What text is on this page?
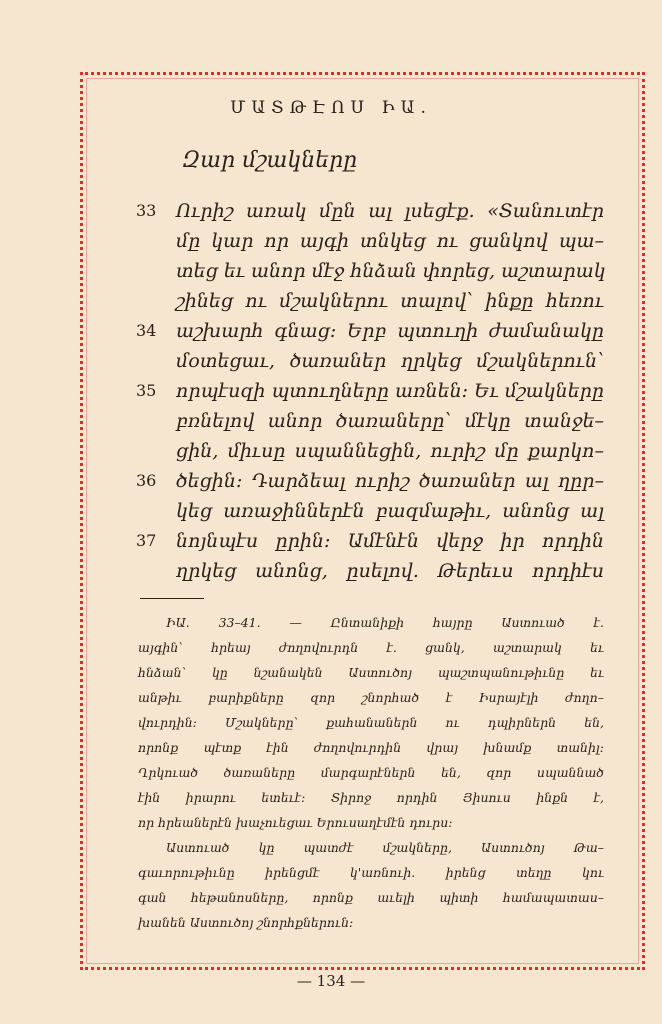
ՄԱՏԹԷՈՍ ԻԱ.
Զար մշակները
33	Ուրիշ առակ մըն ալ լսեցէք. «Տանուտէր
մը կար որ այգի տնկեց ու ցանկով պա–
տեց եւ անոր մէջ հնձան փորեց, աշտարակ
շինեց ու մշակներու տալով՝ ինքը հեռու
34	աշխարհ գնաց։ Երբ պտուղի ժամանակը
մօտեցաւ, ծառաներ ղրկեց մշակներուն՝
35	որպէսզի պտուղները առնեն։ Եւ մշակները
բռնելով անոր ծառաները՝ մէկը տանջե–
ցին, միւսը սպաննեցին, ուրիշ մը քարկո–
36	ծեցին։ Դարձեալ ուրիշ ծառաներ ալ ղըր–
կեց առաջիններէն բազմաթիւ, անոնց ալ
37	նոյնպէս ըրին։ Ամէնէն վերջ իր որդին
ղրկեց անոնց, ըսելով. Թերեւս որդիէս
ԻԱ. 33–41. — Ընտանիքի հայրը Աստուած է.
այգին՝ հրեայ ժողովուրդն է. ցանկ, աշտարակ եւ
հնձան՝ կը նշանակեն Աստուծոյ պաշտպանութիւնը եւ
անթիւ բարիքները զոր շնորհած է Իսրայէլի ժողո–
վուրդին։ Մշակները՝ քահանաներն ու դպիրներն են,
որոնք պէտք էին ժողովուրդին վրայ խնամք տանիլ։
Ղրկուած ծառաները մարգարէներն են, զոր սպաննած
էին իրարու ետեւէ։ Տիրոջ որդին Յիսուս ինքն է,
որ հրեաներէն խաչուեցաւ Երուսաղէմէն դուրս։
Աստուած կը պատժէ մշակները, Աստուծոյ Թա–
գաւորութիւնը իրենցմէ կ'առնուի. իրենց տեղը կու
գան հեթանոսները, որոնք աւելի պիտի համապատաս–
խանեն Աստուծոյ շնորհքներուն։
— 134 —
